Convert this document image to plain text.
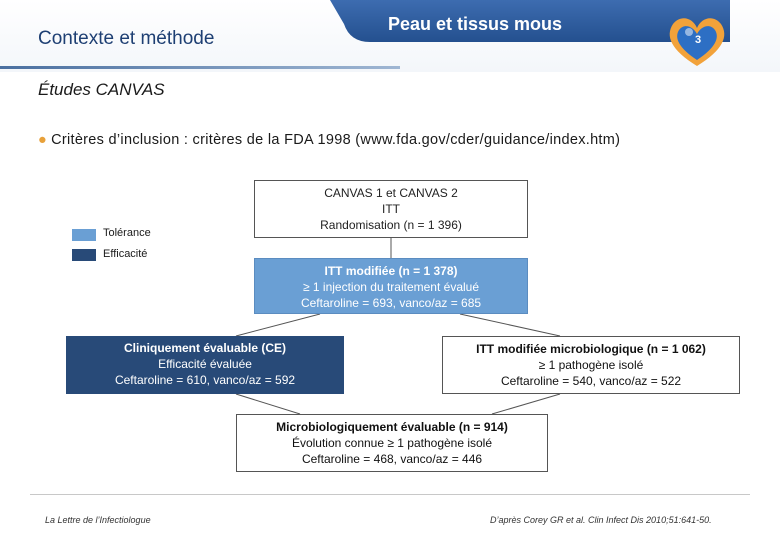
Contexte et méthode
Peau et tissus mous
3
Études CANVAS
● Critères d’inclusion : critères de la FDA 1998 (www.fda.gov/cder/guidance/index.htm)
Tolérance
Efficacité
CANVAS 1 et CANVAS 2
ITT
Randomisation (n = 1 396)
ITT modifiée (n = 1 378)
≥ 1 injection du traitement évalué
Ceftaroline = 693, vanco/az = 685
Cliniquement évaluable (CE)
Efficacité évaluée
Ceftaroline = 610, vanco/az = 592
ITT modifiée microbiologique (n = 1 062)
≥ 1 pathogène isolé
Ceftaroline = 540, vanco/az = 522
Microbiologiquement évaluable (n = 914)
Évolution connue ≥ 1 pathogène isolé
Ceftaroline = 468, vanco/az = 446
La Lettre de l’Infectiologue	D’après Corey GR et al. Clin Infect Dis 2010;51:641-50.
